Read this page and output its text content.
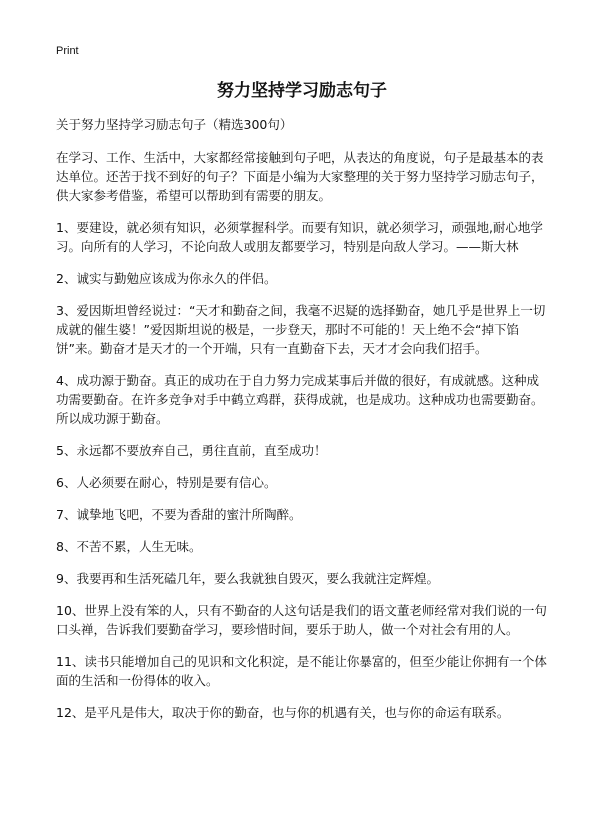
Print
努力坚持学习励志句子
关于努力坚持学习励志句子（精选300句）
在学习、工作、生活中，大家都经常接触到句子吧，从表达的角度说，句子是最基本的表达单位。还苦于找不到好的句子？下面是小编为大家整理的关于努力坚持学习励志句子，供大家参考借鉴，希望可以帮助到有需要的朋友。
1、要建设，就必须有知识，必须掌握科学。而要有知识，就必须学习，顽强地,耐心地学习。向所有的人学习，不论向敌人或朋友都要学习，特别是向敌人学习。——斯大林
2、诚实与勤勉应该成为你永久的伴侣。
3、爱因斯坦曾经说过：“天才和勤奋之间，我毫不迟疑的选择勤奋，她几乎是世界上一切成就的催生婆！”爱因斯坦说的极是，一步登天，那时不可能的！天上绝不会“掉下馅饼”来。勤奋才是天才的一个开端，只有一直勤奋下去，天才才会向我们招手。
4、成功源于勤奋。真正的成功在于自力努力完成某事后并做的很好，有成就感。这种成功需要勤奋。在许多竞争对手中鹤立鸡群，获得成就，也是成功。这种成功也需要勤奋。所以成功源于勤奋。
5、永远都不要放弃自己，勇往直前，直至成功！
6、人必须要在耐心，特别是要有信心。
7、诚挚地飞吧，不要为香甜的蜜汁所陶醉。
8、不苦不累，人生无味。
9、我要再和生活死磕几年，要么我就独自毁灭，要么我就注定辉煌。
10、世界上没有笨的人，只有不勤奋的人这句话是我们的语文董老师经常对我们说的一句口头禅，告诉我们要勤奋学习，要珍惜时间，要乐于助人，做一个对社会有用的人。
11、读书只能增加自己的见识和文化积淀，是不能让你暴富的，但至少能让你拥有一个体面的生活和一份得体的收入。
12、是平凡是伟大，取决于你的勤奋，也与你的机遇有关，也与你的命运有联系。
